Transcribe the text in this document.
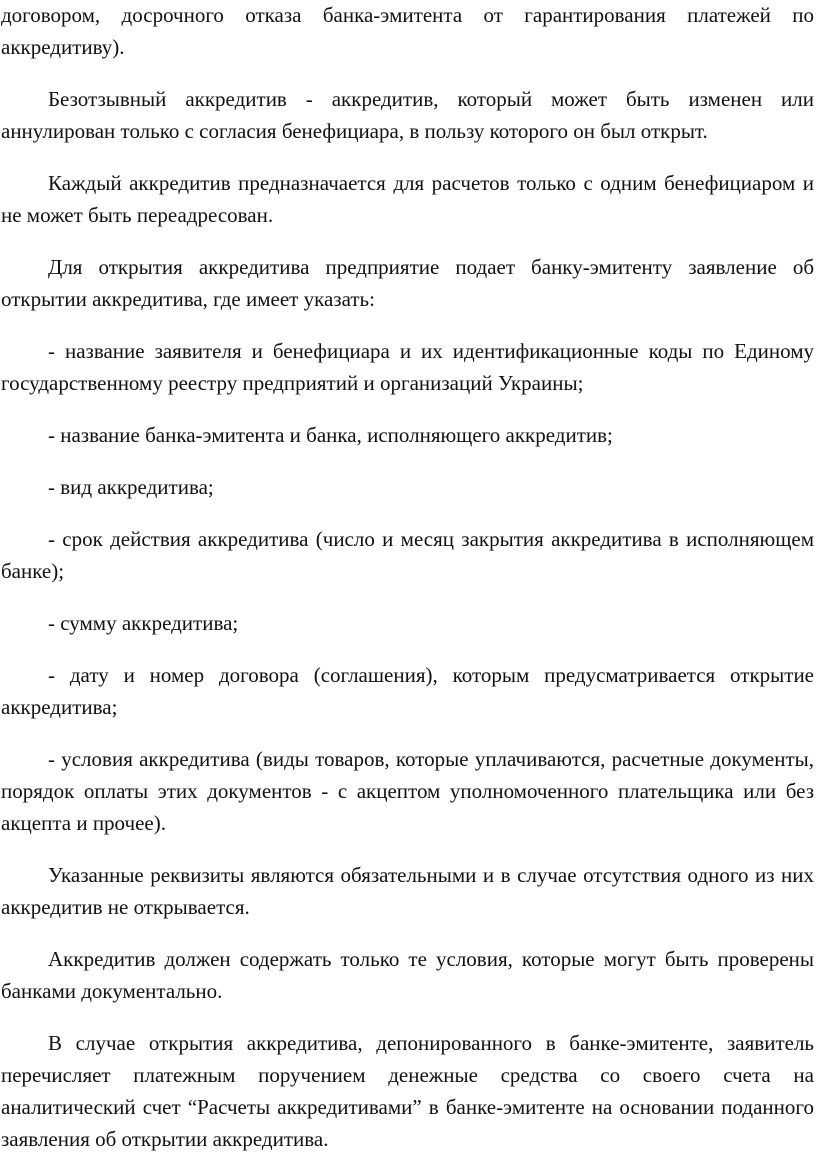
договором, досрочного отказа банка-эмитента от гарантирования платежей по аккредитиву).

Безотзывный аккредитив - аккредитив, который может быть изменен или аннулирован только с согласия бенефициара, в пользу которого он был открыт.

Каждый аккредитив предназначается для расчетов только с одним бенефициаром и не может быть переадресован.

Для открытия аккредитива предприятие подает банку-эмитенту заявление об открытии аккредитива, где имеет указать:

- название заявителя и бенефициара и их идентификационные коды по Единому государственному реестру предприятий и организаций Украины;

- название банка-эмитента и банка, исполняющего аккредитив;

- вид аккредитива;

- срок действия аккредитива (число и месяц закрытия аккредитива в исполняющем банке);

- сумму аккредитива;

- дату и номер договора (соглашения), которым предусматривается открытие аккредитива;

- условия аккредитива (виды товаров, которые уплачиваются, расчетные документы, порядок оплаты этих документов - с акцептом уполномоченного плательщика или без акцепта и прочее).

Указанные реквизиты являются обязательными и в случае отсутствия одного из них аккредитив не открывается.

Аккредитив должен содержать только те условия, которые могут быть проверены банками документально.

В случае открытия аккредитива, депонированного в банке-эмитенте, заявитель перечисляет платежным поручением денежные средства со своего счета на аналитический счет “Расчеты аккредитивами” в банке-эмитенте на основании поданного заявления об открытии аккредитива.
